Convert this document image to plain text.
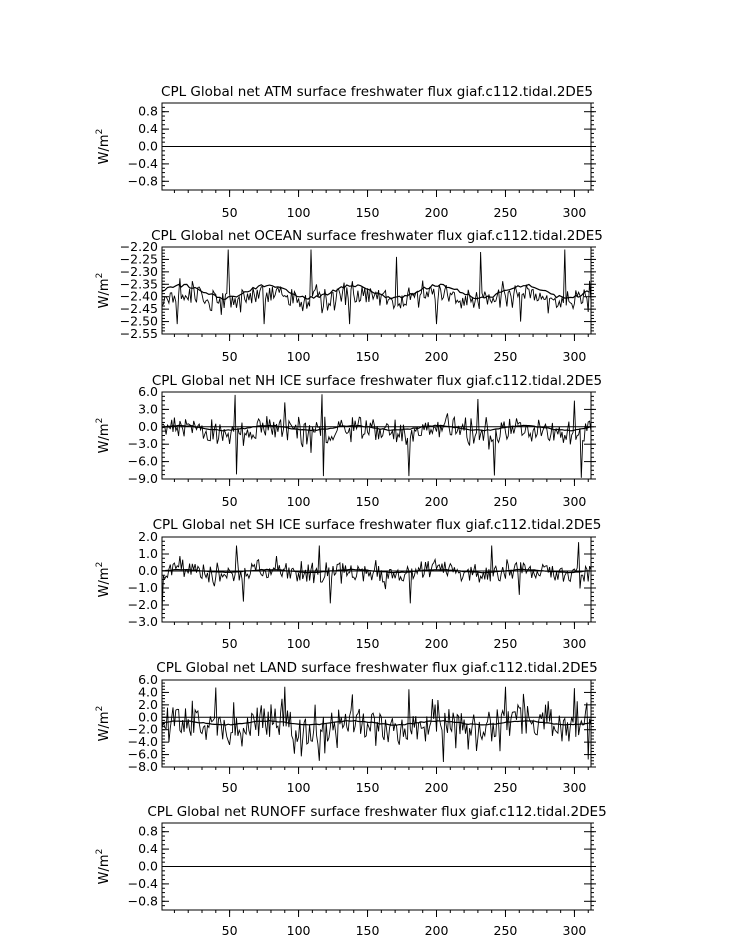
CPL Global net ATM surface freshwater flux giaf.c112.tidal.2DE5
0.8
0.4
0.0
−0.4
−0.8
50	100	150	200	250	300
$W/m^2$
CPL Global net OCEAN surface freshwater flux giaf.c112.tidal.2DE5
−2.20
−2.25
−2.30
−2.35
−2.40
−2.45
−2.50
−2.55
50	100	150	200	250	300
$W/m^2$
CPL Global net NH ICE surface freshwater flux giaf.c112.tidal.2DE5
6.0
3.0
0.0
−3.0
−6.0
−9.0
50	100	150	200	250	300
$W/m^2$
CPL Global net SH ICE surface freshwater flux giaf.c112.tidal.2DE5
2.0
1.0
0.0
−1.0
−2.0
−3.0
50	100	150	200	250	300
$W/m^2$
CPL Global net LAND surface freshwater flux giaf.c112.tidal.2DE5
6.0
4.0
2.0
0.0
−2.0
−4.0
−6.0
−8.0
50	100	150	200	250	300
$W/m^2$
CPL Global net RUNOFF surface freshwater flux giaf.c112.tidal.2DE5
0.8
0.4
0.0
−0.4
−0.8
50	100	150	200	250	300
$W/m^2$
